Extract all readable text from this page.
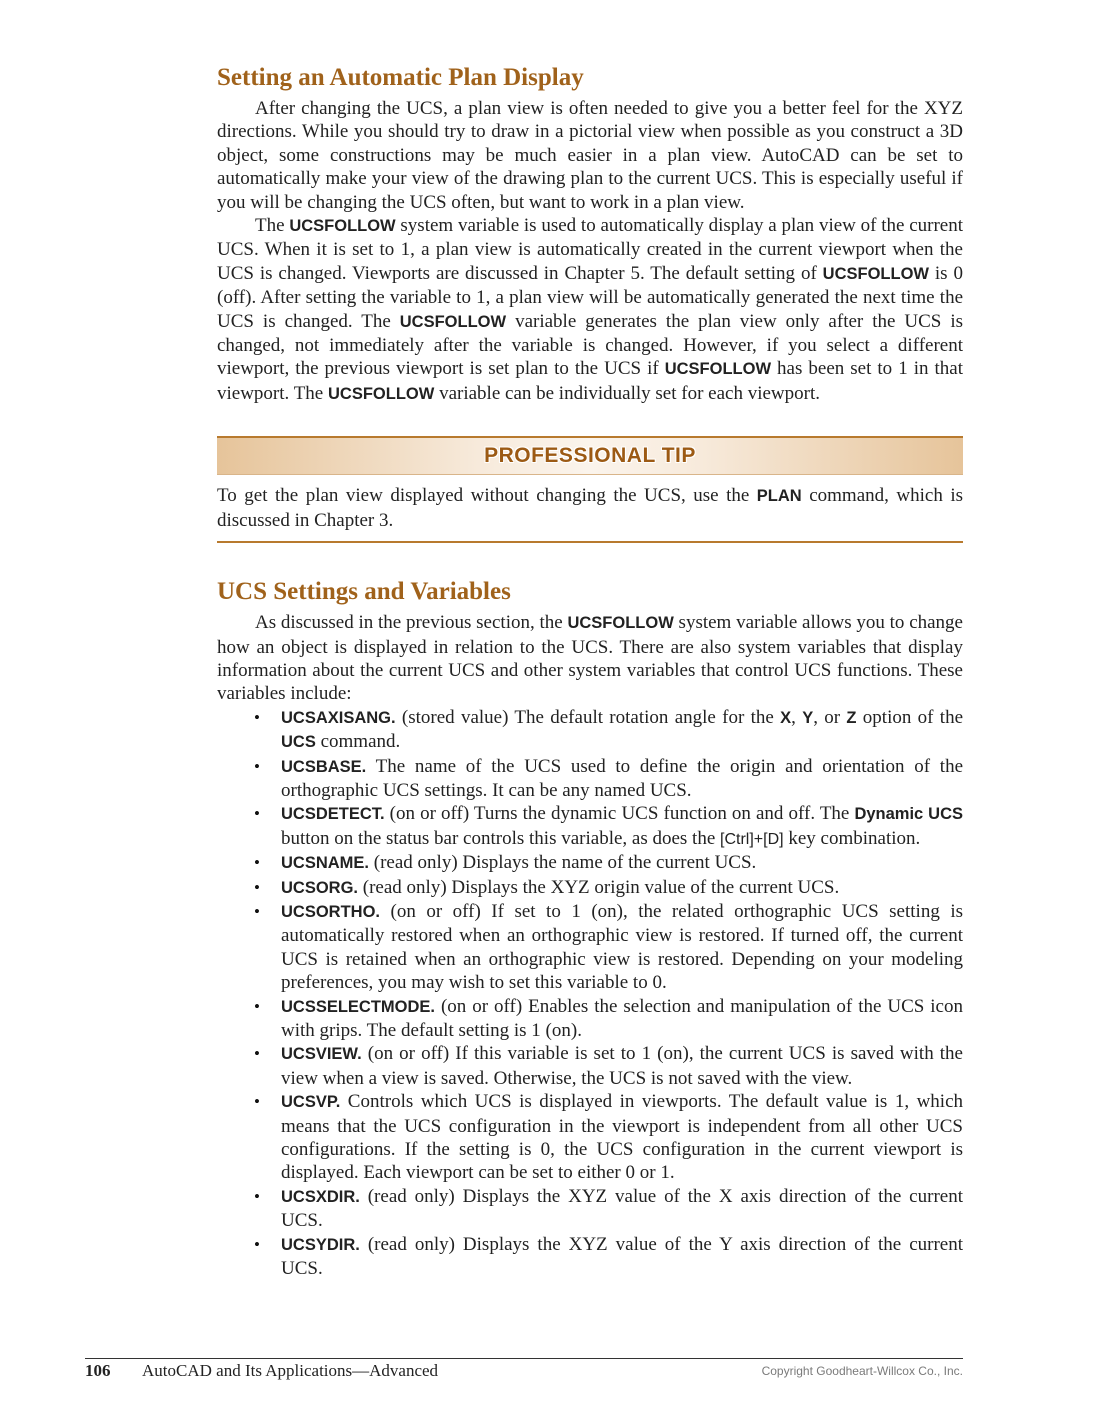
Setting an Automatic Plan Display

After changing the UCS, a plan view is often needed to give you a better feel for the XYZ directions. While you should try to draw in a pictorial view when possible as you construct a 3D object, some constructions may be much easier in a plan view. AutoCAD can be set to automatically make your view of the drawing plan to the current UCS. This is especially useful if you will be changing the UCS often, but want to work in a plan view.

The UCSFOLLOW system variable is used to automatically display a plan view of the current UCS. When it is set to 1, a plan view is automatically created in the current viewport when the UCS is changed. Viewports are discussed in Chapter 5. The default setting of UCSFOLLOW is 0 (off). After setting the variable to 1, a plan view will be automatically generated the next time the UCS is changed. The UCSFOLLOW variable generates the plan view only after the UCS is changed, not immediately after the variable is changed. However, if you select a different viewport, the previous viewport is set plan to the UCS if UCSFOLLOW has been set to 1 in that viewport. The UCSFOLLOW variable can be individually set for each viewport.

PROFESSIONAL TIP

To get the plan view displayed without changing the UCS, use the PLAN command, which is discussed in Chapter 3.

UCS Settings and Variables

As discussed in the previous section, the UCSFOLLOW system variable allows you to change how an object is displayed in relation to the UCS. There are also system variables that display information about the current UCS and other system variables that control UCS functions. These variables include:

• UCSAXISANG. (stored value) The default rotation angle for the X, Y, or Z option of the UCS command.
• UCSBASE. The name of the UCS used to define the origin and orientation of the orthographic UCS settings. It can be any named UCS.
• UCSDETECT. (on or off) Turns the dynamic UCS function on and off. The Dynamic UCS button on the status bar controls this variable, as does the [Ctrl]+[D] key combination.
• UCSNAME. (read only) Displays the name of the current UCS.
• UCSORG. (read only) Displays the XYZ origin value of the current UCS.
• UCSORTHO. (on or off) If set to 1 (on), the related orthographic UCS setting is automatically restored when an orthographic view is restored. If turned off, the current UCS is retained when an orthographic view is restored. Depending on your modeling preferences, you may wish to set this variable to 0.
• UCSSELECTMODE. (on or off) Enables the selection and manipulation of the UCS icon with grips. The default setting is 1 (on).
• UCSVIEW. (on or off) If this variable is set to 1 (on), the current UCS is saved with the view when a view is saved. Otherwise, the UCS is not saved with the view.
• UCSVP. Controls which UCS is displayed in viewports. The default value is 1, which means that the UCS configuration in the viewport is independent from all other UCS configurations. If the setting is 0, the UCS configuration in the current viewport is displayed. Each viewport can be set to either 0 or 1.
• UCSXDIR. (read only) Displays the XYZ value of the X axis direction of the current UCS.
• UCSYDIR. (read only) Displays the XYZ value of the Y axis direction of the current UCS.
106 AutoCAD and Its Applications—Advanced	Copyright Goodheart-Willcox Co., Inc.
